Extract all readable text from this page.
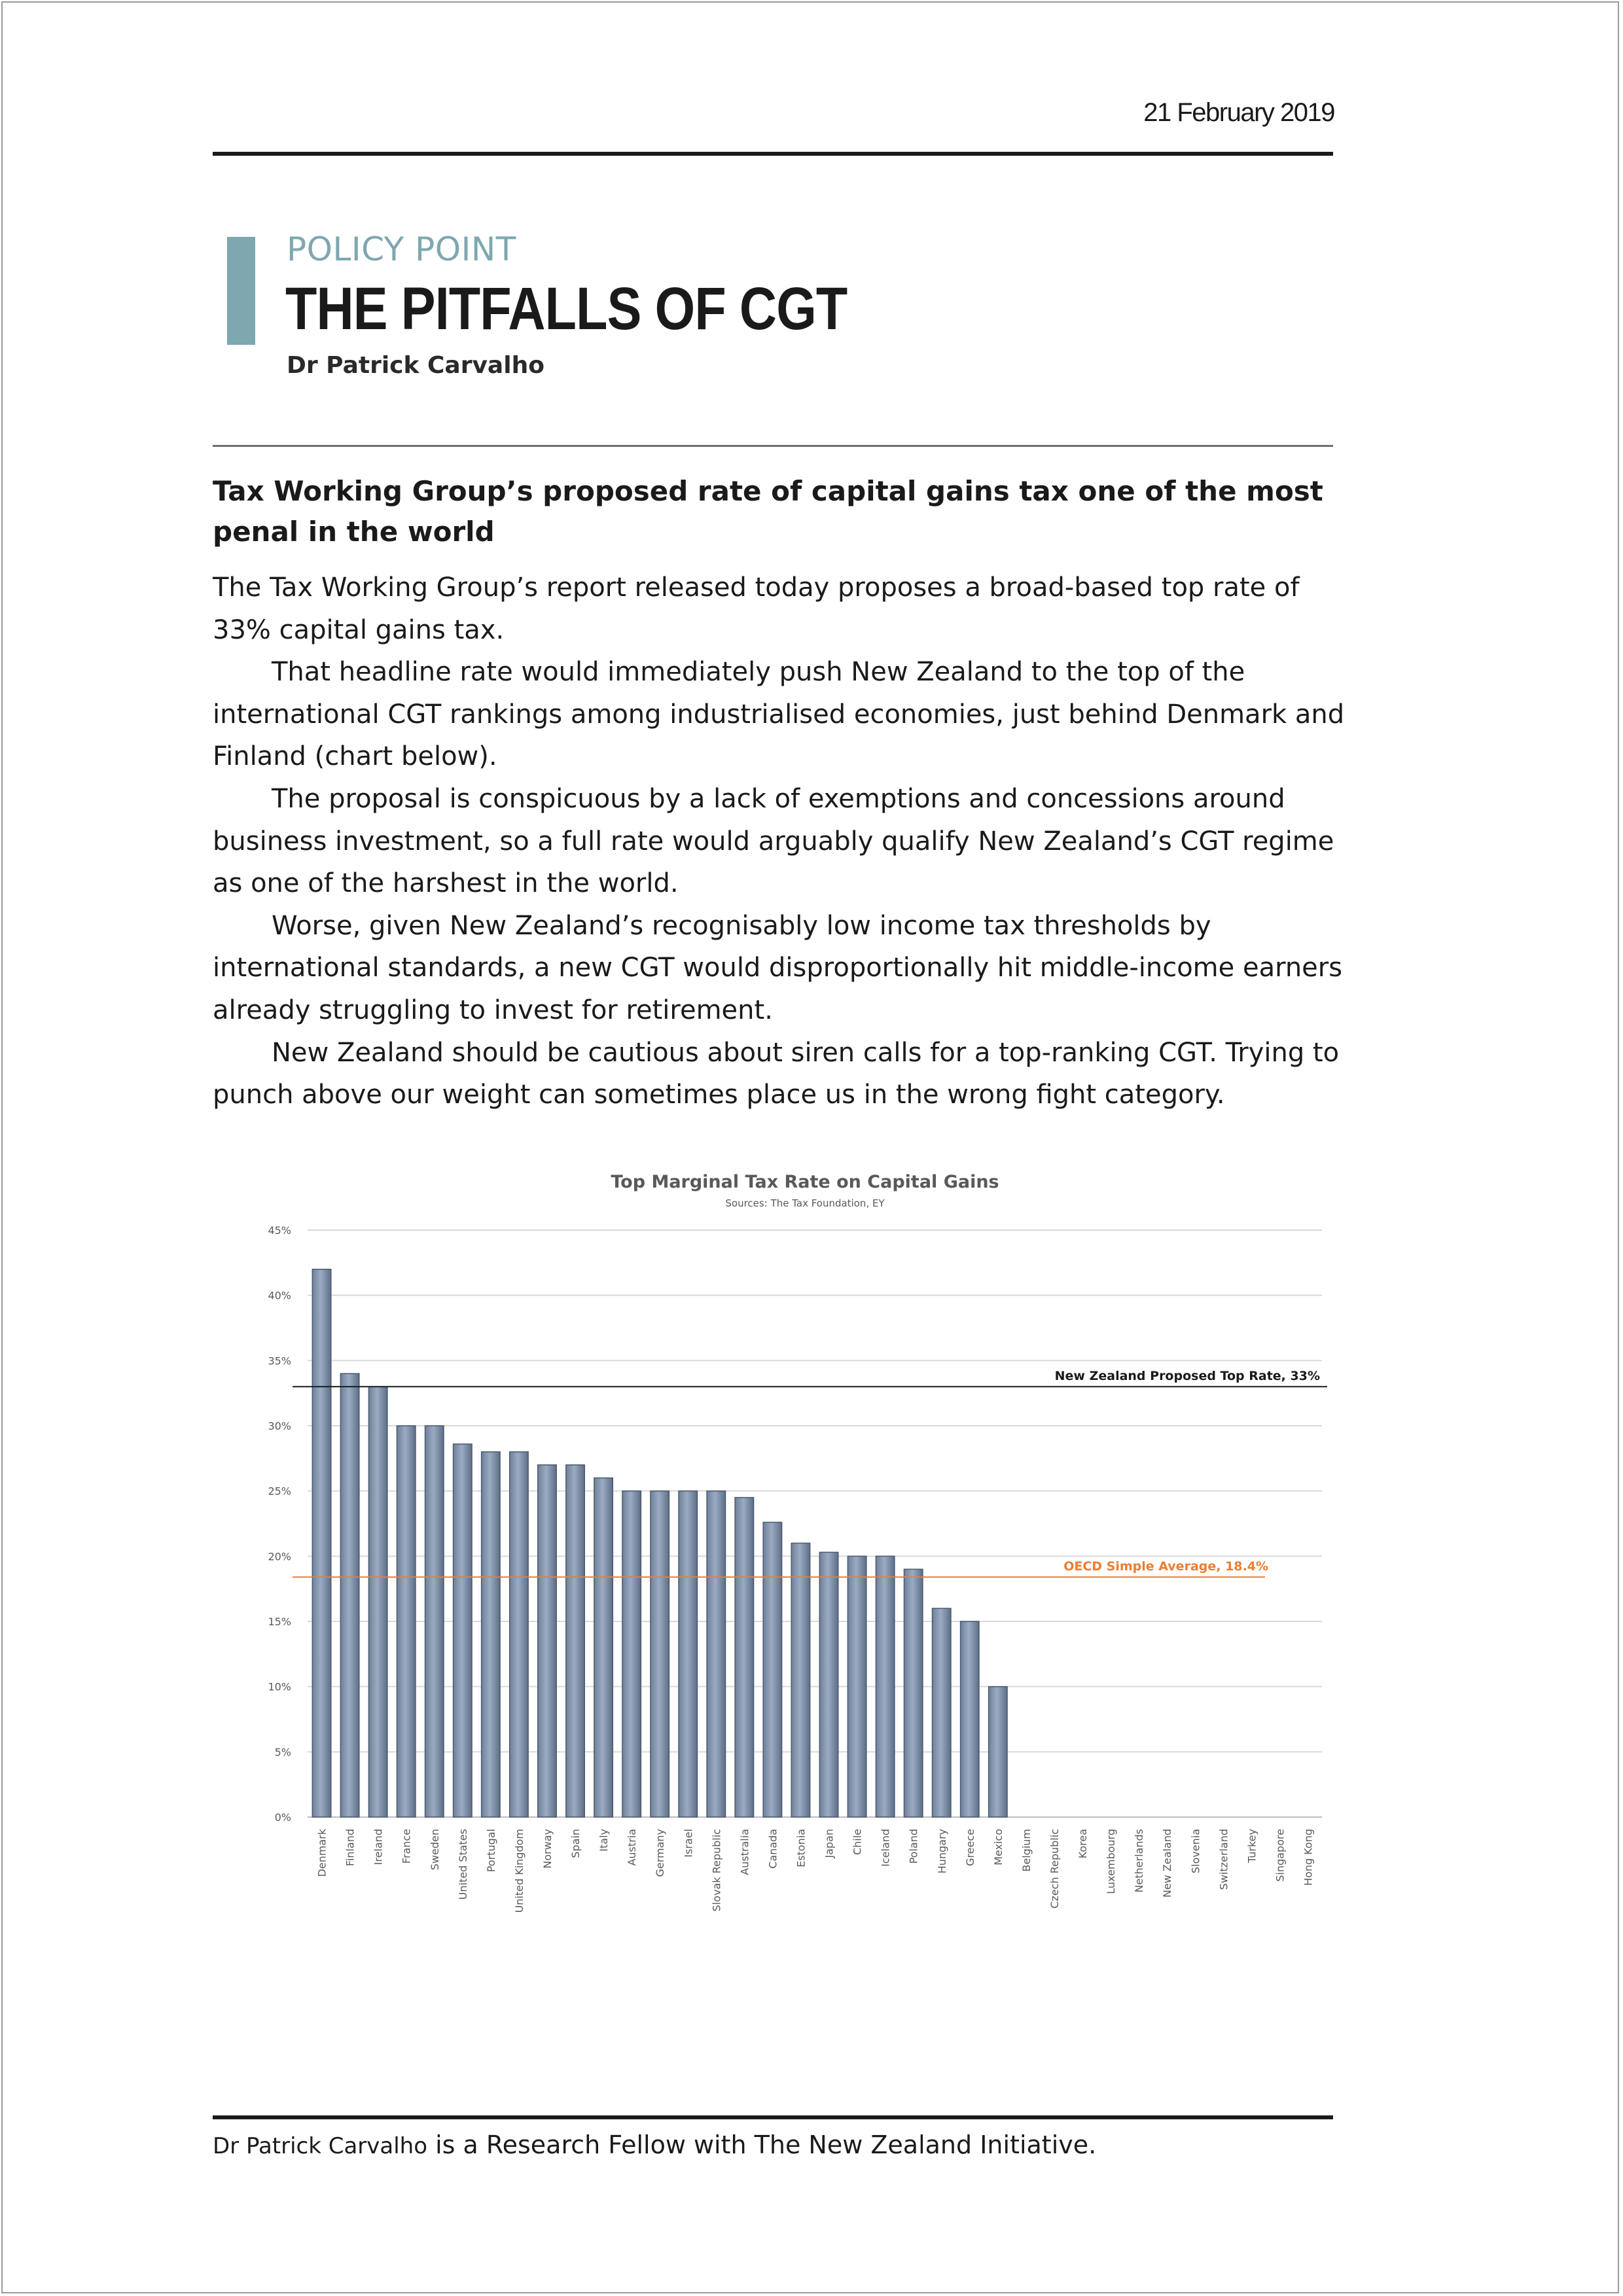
21 February 2019
POLICY POINT
THE PITFALLS OF CGT
Dr Patrick Carvalho
Tax Working Group’s proposed rate of capital gains tax one of the most penal in the world

The Tax Working Group’s report released today proposes a broad-based top rate of 33% capital gains tax.

That headline rate would immediately push New Zealand to the top of the international CGT rankings among industrialised economies, just behind Denmark and Finland (chart below).

The proposal is conspicuous by a lack of exemptions and concessions around business investment, so a full rate would arguably qualify New Zealand’s CGT regime as one of the harshest in the world.

Worse, given New Zealand’s recognisably low income tax thresholds by international standards, a new CGT would disproportionally hit middle-income earners already struggling to invest for retirement.

New Zealand should be cautious about siren calls for a top-ranking CGT. Trying to punch above our weight can sometimes place us in the wrong fight category.

Top Marginal Tax Rate on Capital Gains
Sources: The Tax Foundation, EY
0%
5%
10%
15%
20%
25%
30%
35%
40%
45%
Denmark Finland Ireland France Sweden United States Portugal United Kingdom Norway Spain Italy Austria Germany Israel Slovak Republic Australia Canada Estonia Japan Chile Iceland Poland Hungary Greece Mexico Belgium Czech Republic Korea Luxembourg Netherlands New Zealand Slovenia Switzerland Turkey Singapore Hong Kong
New Zealand Proposed Top Rate, 33%
OECD Simple Average, 18.4%
Dr Patrick Carvalho is a Research Fellow with The New Zealand Initiative.
